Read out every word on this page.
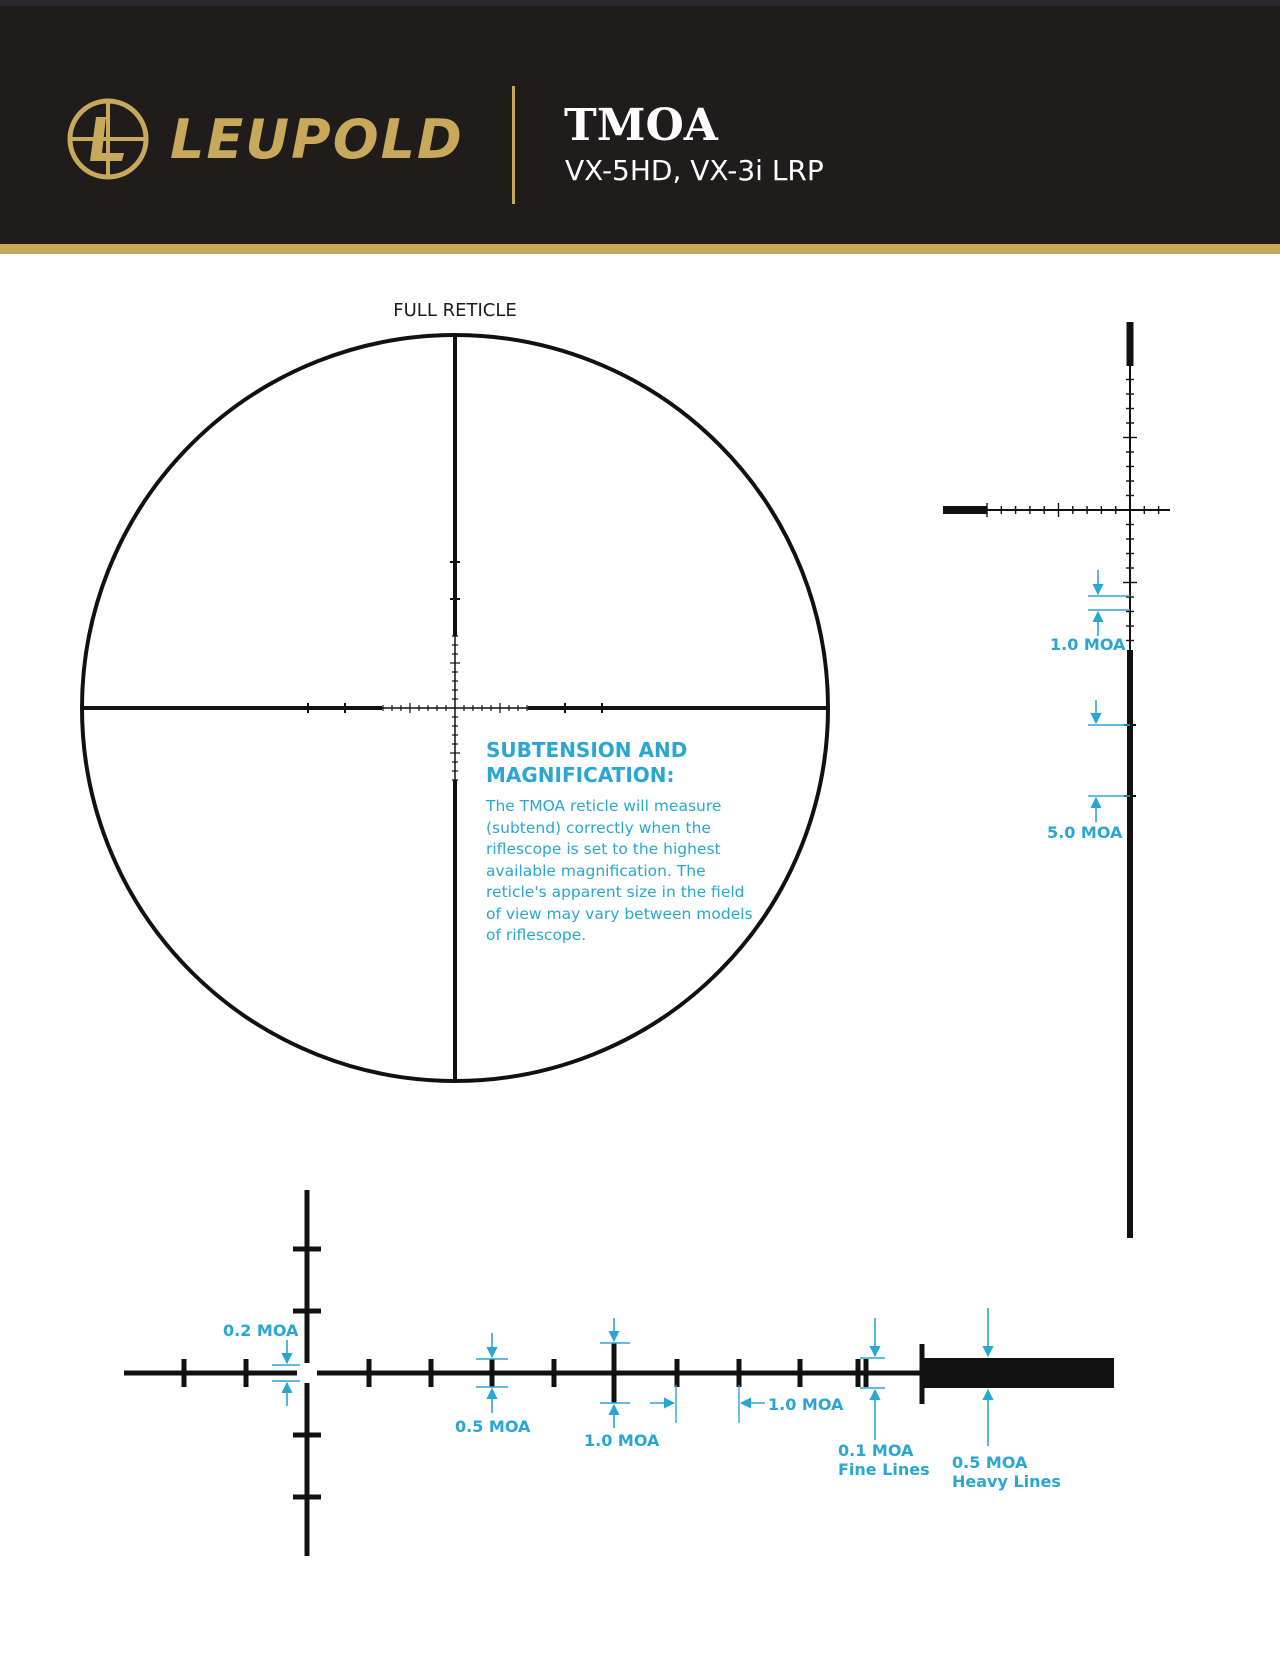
LEUPOLD TMOA

VX-5HD, VX-3i LRP

FULL RETICLE

SUBTENSION AND MAGNIFICATION:

The TMOA reticle will measure (subtend) correctly when the riflescope is set to the highest available magnification. The reticle's apparent size in the field of view may vary between models of riflescope.

1.0 MOA

5.0 MOA

0.2 MOA

0.5 MOA

1.0 MOA

1.0 MOA

0.1 MOA

Fine Lines 0.5 MOA

Heavy Lines
